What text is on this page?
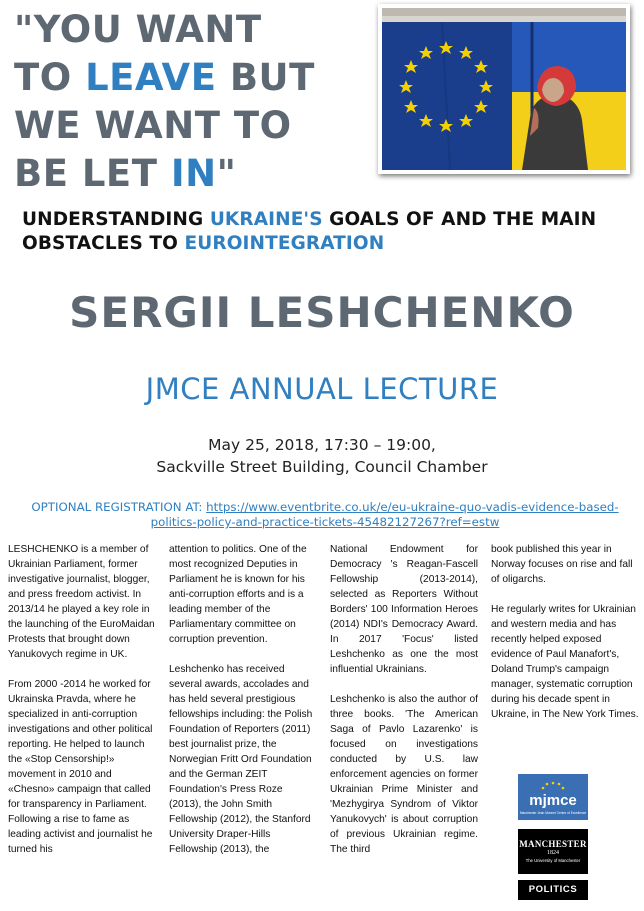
"YOU WANT
TO LEAVE BUT
WE WANT TO
BE LET IN"
UNDERSTANDING UKRAINE'S GOALS OF AND THE MAIN OBSTACLES TO EUROINTEGRATION
SERGII LESHCHENKO
JMCE ANNUAL LECTURE
May 25, 2018, 17:30 – 19:00,
Sackville Street Building, Council Chamber
OPTIONAL REGISTRATION AT: https://www.eventbrite.co.uk/e/eu-ukraine-quo-vadis-evidence-based-politics-policy-and-practice-tickets-45482127267?ref=estw

LESHCHENKO is a member of Ukrainian Parliament, former investigative journalist, blogger, and press freedom activist. In 2013/14 he played a key role in the launching of the EuroMaidan Protests that brought down Yanukovych regime in UK.

From 2000 -2014 he worked for Ukrainska Pravda, where he specialized in anti-corruption investigations and other political reporting. He helped to launch the «Stop Censorship!» movement in 2010 and «Chesno» campaign that called for transparency in Parliament. Following a rise to fame as leading activist and journalist he turned his

attention to politics. One of the most recognized Deputies in Parliament he is known for his anti-corruption efforts and is a leading member of the Parliamentary committee on corruption prevention.

Leshchenko has received several awards, accolades and has held several prestigious fellowships including: the Polish Foundation of Reporters (2011) best journalist prize, the Norwegian Fritt Ord Foundation and the German ZEIT Foundation's Press Roze (2013), the John Smith Fellowship (2012), the Stanford University Draper-Hills Fellowship (2013), the

National Endowment for Democracy 's Reagan-Fascell Fellowship (2013-2014), selected as Reporters Without Borders' 100 Information Heroes (2014) NDI's Democracy Award. In 2017 'Focus' listed Leshchenko as one the most influential Ukrainians.

Leshchenko is also the author of three books. 'The American Saga of Pavlo Lazarenko' is focused on investigations conducted by U.S. law enforcement agencies on former Ukrainian Prime Minister and 'Mezhygirya Syndrom of Viktor Yanukovych' is about corruption of previous Ukrainian regime. The third

book published this year in Norway focuses on rise and fall of oligarchs.

He regularly writes for Ukrainian and western media and has recently helped exposed evidence of Paul Manafort's, Doland Trump's campaign manager, systematic corruption during his decade spent in Ukraine, in The New York Times.

mjmce
Manchester Jean Monnet Centre of Excellence
MANCHESTER
1824
The University of Manchester
POLITICS
